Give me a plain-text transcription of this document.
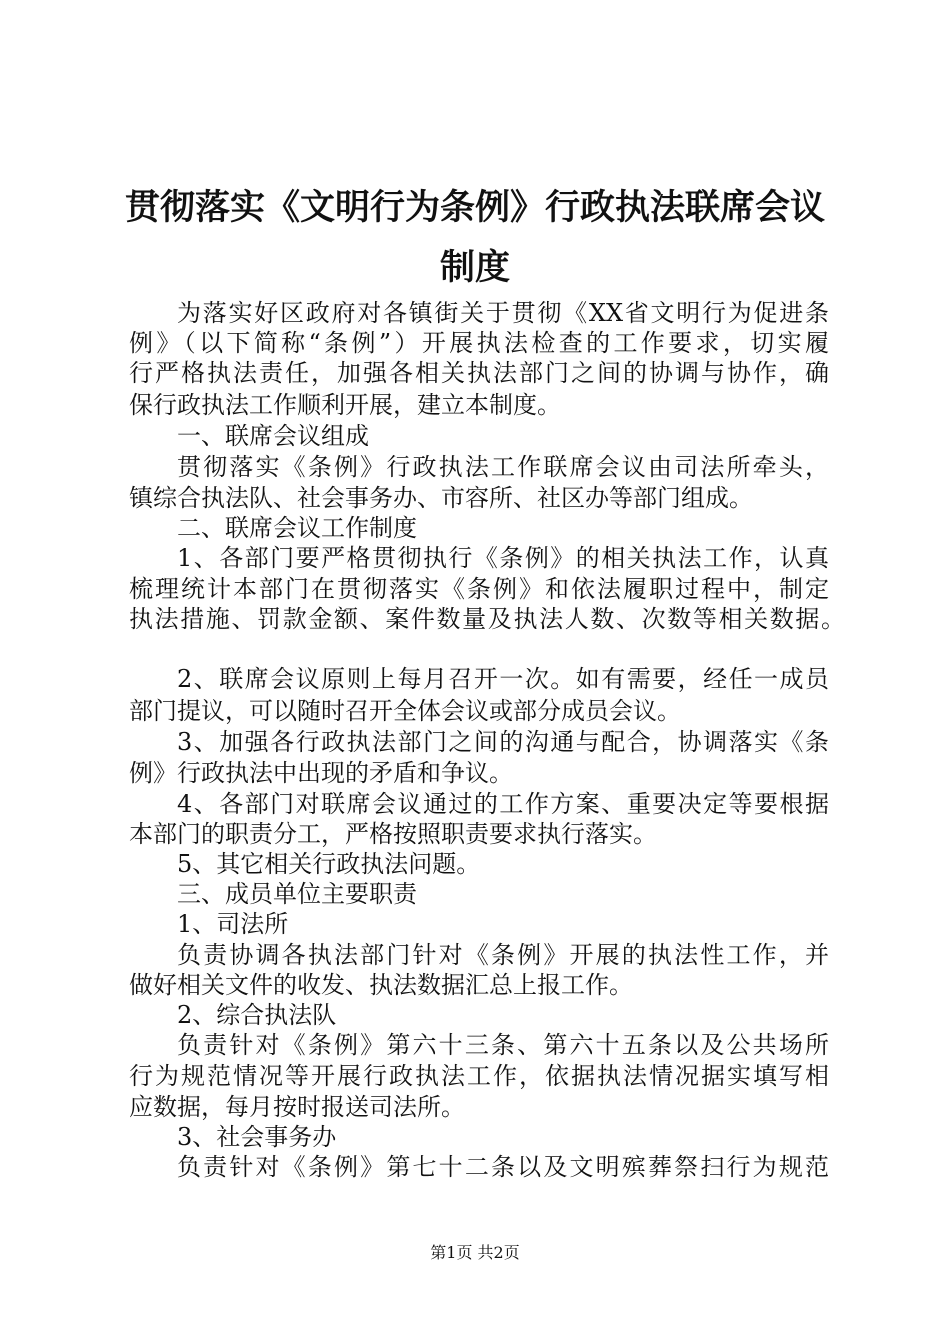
贯彻落实《文明行为条例》行政执法联席会议
制度
为落实好区政府对各镇街关于贯彻《XX省文明行为促进条
例》（以下简称“条例”）开展执法检查的工作要求，切实履
行严格执法责任，加强各相关执法部门之间的协调与协作，确
保行政执法工作顺利开展，建立本制度。
一、联席会议组成
贯彻落实《条例》行政执法工作联席会议由司法所牵头，
镇综合执法队、社会事务办、市容所、社区办等部门组成。
二、联席会议工作制度
1、各部门要严格贯彻执行《条例》的相关执法工作，认真
梳理统计本部门在贯彻落实《条例》和依法履职过程中，制定
执法措施、罚款金额、案件数量及执法人数、次数等相关数据。
2、联席会议原则上每月召开一次。如有需要，经任一成员
部门提议，可以随时召开全体会议或部分成员会议。
3、加强各行政执法部门之间的沟通与配合，协调落实《条
例》行政执法中出现的矛盾和争议。
4、各部门对联席会议通过的工作方案、重要决定等要根据
本部门的职责分工，严格按照职责要求执行落实。
5、其它相关行政执法问题。
三、成员单位主要职责
1、司法所
负责协调各执法部门针对《条例》开展的执法性工作，并
做好相关文件的收发、执法数据汇总上报工作。
2、综合执法队
负责针对《条例》第六十三条、第六十五条以及公共场所
行为规范情况等开展行政执法工作，依据执法情况据实填写相
应数据，每月按时报送司法所。
3、社会事务办
负责针对《条例》第七十二条以及文明殡葬祭扫行为规范
第1页 共2页
